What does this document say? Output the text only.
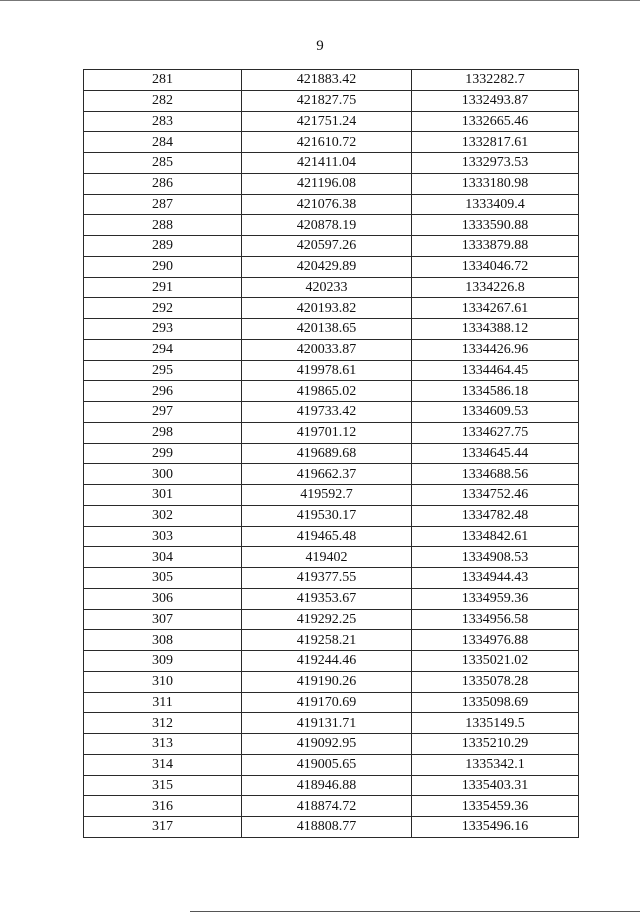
9
281	421883.42	1332282.7
282	421827.75	1332493.87
283	421751.24	1332665.46
284	421610.72	1332817.61
285	421411.04	1332973.53
286	421196.08	1333180.98
287	421076.38	1333409.4
288	420878.19	1333590.88
289	420597.26	1333879.88
290	420429.89	1334046.72
291	420233	1334226.8
292	420193.82	1334267.61
293	420138.65	1334388.12
294	420033.87	1334426.96
295	419978.61	1334464.45
296	419865.02	1334586.18
297	419733.42	1334609.53
298	419701.12	1334627.75
299	419689.68	1334645.44
300	419662.37	1334688.56
301	419592.7	1334752.46
302	419530.17	1334782.48
303	419465.48	1334842.61
304	419402	1334908.53
305	419377.55	1334944.43
306	419353.67	1334959.36
307	419292.25	1334956.58
308	419258.21	1334976.88
309	419244.46	1335021.02
310	419190.26	1335078.28
311	419170.69	1335098.69
312	419131.71	1335149.5
313	419092.95	1335210.29
314	419005.65	1335342.1
315	418946.88	1335403.31
316	418874.72	1335459.36
317	418808.77	1335496.16
